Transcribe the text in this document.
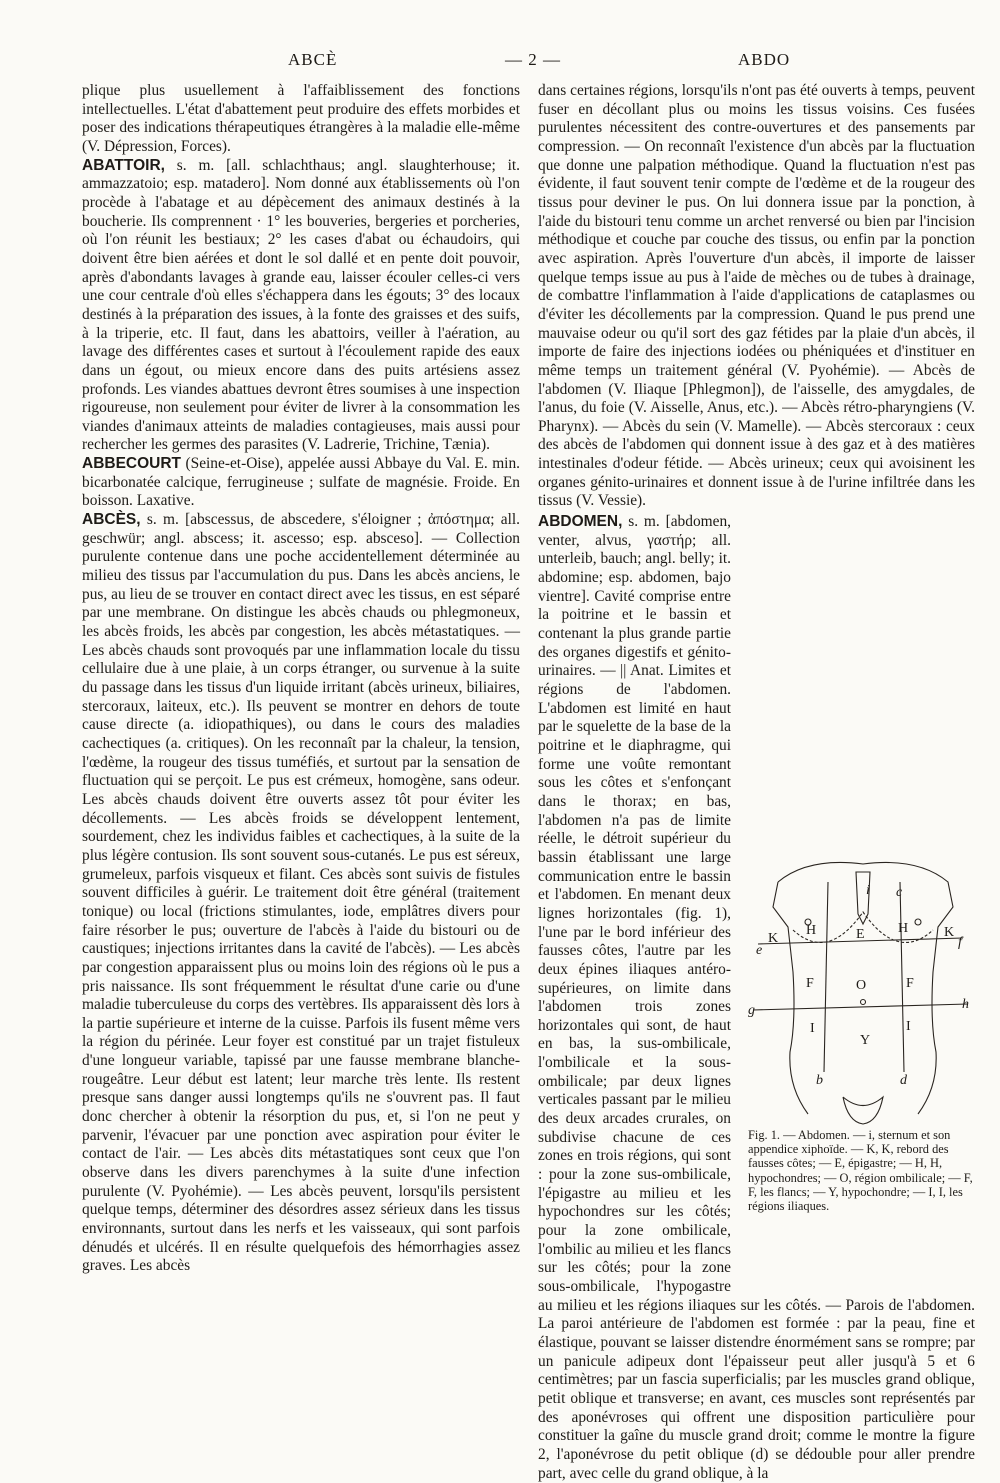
ABCÈ	— 2 —	ABDO

plique plus usuellement à l'affaiblissement des fonctions intellectuelles. L'état d'abattement peut produire des effets morbides et poser des indications thérapeutiques étrangères à la maladie elle-même (V. Dépression, Forces).

ABATTOIR, s. m. [all. schlachthaus; angl. slaughterhouse; it. ammazzatoio; esp. matadero]. Nom donné aux établissements où l'on procède à l'abatage et au dépècement des animaux destinés à la boucherie. Ils comprennent · 1° les bouveries, bergeries et porcheries, où l'on réunit les bestiaux; 2° les cases d'abat ou échaudoirs, qui doivent être bien aérées et dont le sol dallé et en pente doit pouvoir, après d'abondants lavages à grande eau, laisser écouler celles-ci vers une cour centrale d'où elles s'échappera dans les égouts; 3° des locaux destinés à la préparation des issues, à la fonte des graisses et des suifs, à la triperie, etc. Il faut, dans les abattoirs, veiller à l'aération, au lavage des différentes cases et surtout à l'écoulement rapide des eaux dans un égout, ou mieux encore dans des puits artésiens assez profonds. Les viandes abattues devront êtres soumises à une inspection rigoureuse, non seulement pour éviter de livrer à la consommation les viandes d'animaux atteints de maladies contagieuses, mais aussi pour rechercher les germes des parasites (V. Ladrerie, Trichine, Tænia).

ABBECOURT (Seine-et-Oise), appelée aussi Abbaye du Val. E. min. bicarbonatée calcique, ferrugineuse ; sulfate de magnésie. Froide. En boisson. Laxative.

ABCÈS, s. m. [abscessus, de abscedere, s'éloigner ; ἀπόστημα; all. geschwür; angl. abscess; it. ascesso; esp. absceso]. — Collection purulente contenue dans une poche accidentellement déterminée au milieu des tissus par l'accumulation du pus. Dans les abcès anciens, le pus, au lieu de se trouver en contact direct avec les tissus, en est séparé par une membrane. On distingue les abcès chauds ou phlegmoneux, les abcès froids, les abcès par congestion, les abcès métastatiques. — Les abcès chauds sont provoqués par une inflammation locale du tissu cellulaire due à une plaie, à un corps étranger, ou survenue à la suite du passage dans les tissus d'un liquide irritant (abcès urineux, biliaires, stercoraux, laiteux, etc.). Ils peuvent se montrer en dehors de toute cause directe (a. idiopathiques), ou dans le cours des maladies cachectiques (a. critiques). On les reconnaît par la chaleur, la tension, l'œdème, la rougeur des tissus tuméfiés, et surtout par la sensation de fluctuation qui se perçoit. Le pus est crémeux, homogène, sans odeur. Les abcès chauds doivent être ouverts assez tôt pour éviter les décollements. — Les abcès froids se développent lentement, sourdement, chez les individus faibles et cachectiques, à la suite de la plus légère contusion. Ils sont souvent sous-cutanés. Le pus est séreux, grumeleux, parfois visqueux et filant. Ces abcès sont suivis de fistules souvent difficiles à guérir. Le traitement doit être général (traitement tonique) ou local (frictions stimulantes, iode, emplâtres divers pour faire résorber le pus; ouverture de l'abcès à l'aide du bistouri ou de caustiques; injections irritantes dans la cavité de l'abcès). — Les abcès par congestion apparaissent plus ou moins loin des régions où le pus a pris naissance. Ils sont fréquemment le résultat d'une carie ou d'une maladie tuberculeuse du corps des vertèbres. Ils apparaissent dès lors à la partie supérieure et interne de la cuisse. Parfois ils fusent même vers la région du périnée. Leur foyer est constitué par un trajet fistuleux d'une longueur variable, tapissé par une fausse membrane blanche-rougeâtre. Leur début est latent; leur marche très lente. Ils restent presque sans danger aussi longtemps qu'ils ne s'ouvrent pas. Il faut donc chercher à obtenir la résorption du pus, et, si l'on ne peut y parvenir, l'évacuer par une ponction avec aspiration pour éviter le contact de l'air. — Les abcès dits métastatiques sont ceux que l'on observe dans les divers parenchymes à la suite d'une infection purulente (V. Pyohémie). — Les abcès peuvent, lorsqu'ils persistent quelque temps, déterminer des désordres assez sérieux dans les tissus environnants, surtout dans les nerfs et les vaisseaux, qui sont parfois dénudés et ulcérés. Il en résulte quelquefois des hémorrhagies assez graves. Les abcès

dans certaines régions, lorsqu'ils n'ont pas été ouverts à temps, peuvent fuser en décollant plus ou moins les tissus voisins. Ces fusées purulentes nécessitent des contre-ouvertures et des pansements par compression. — On reconnaît l'existence d'un abcès par la fluctuation que donne une palpation méthodique. Quand la fluctuation n'est pas évidente, il faut souvent tenir compte de l'œdème et de la rougeur des tissus pour deviner le pus. On lui donnera issue par la ponction, à l'aide du bistouri tenu comme un archet renversé ou bien par l'incision méthodique et couche par couche des tissus, ou enfin par la ponction avec aspiration. Après l'ouverture d'un abcès, il importe de laisser quelque temps issue au pus à l'aide de mèches ou de tubes à drainage, de combattre l'inflammation à l'aide d'applications de cataplasmes ou d'éviter les décollements par la compression. Quand le pus prend une mauvaise odeur ou qu'il sort des gaz fétides par la plaie d'un abcès, il importe de faire des injections iodées ou phéniquées et d'instituer en même temps un traitement général (V. Pyohémie). — Abcès de l'abdomen (V. Iliaque [Phlegmon]), de l'aisselle, des amygdales, de l'anus, du foie (V. Aisselle, Anus, etc.). — Abcès rétro-pharyngiens (V. Pharynx). — Abcès du sein (V. Mamelle). — Abcès stercoraux : ceux des abcès de l'abdomen qui donnent issue à des gaz et à des matières intestinales d'odeur fétide. — Abcès urineux; ceux qui avoisinent les organes génito-urinaires et donnent issue à de l'urine infiltrée dans les tissus (V. Vessie).

ABDOMEN, s. m. [abdomen, venter, alvus, γαστήρ; all. unterleib, bauch; angl. belly; it. abdomine; esp. abdomen, bajo vientre]. Cavité comprise entre la poitrine et le bassin et contenant la plus grande partie des organes digestifs et génito-urinaires. — || Anat. Limites et régions de l'abdomen. L'abdomen est limité en haut par le squelette de la base de la poitrine et le diaphragme, qui forme une voûte remontant sous les côtes et s'enfonçant dans le thorax; en bas, l'abdomen n'a pas de limite réelle, le détroit supérieur du bassin établissant une large communication entre le bassin et l'abdomen. En menant deux lignes horizontales (fig. 1), l'une par le bord inférieur des fausses côtes, l'autre par les deux épines iliaques antéro-supérieures, on limite dans l'abdomen trois zones horizontales qui sont, de haut en bas, la sus-ombilicale, l'ombilicale et la sous-ombilicale; par deux lignes verticales passant par le milieu des deux arcades crurales, on subdivise chacune de ces zones en trois régions, qui sont : pour la zone sus-ombilicale, l'épigastre au milieu et les hypochondres sur les côtés; pour la zone ombilicale, l'ombilic au milieu et les flancs sur les côtés; pour la zone sous-ombilicale, l'hypogastre au milieu et les régions iliaques sur les côtés. — Parois de l'abdomen. La paroi antérieure de l'abdomen est formée : par la peau, fine et élastique, pouvant se laisser distendre énormément sans se rompre; par un panicule adipeux dont l'épaisseur peut aller jusqu'à 5 et 6 centimètres; par un fascia superficialis; par les muscles grand oblique, petit oblique et transverse; en avant, ces muscles sont représentés par des aponévroses qui offrent une disposition particulière pour constituer la gaîne du muscle grand droit; comme le montre la figure 2, l'aponévrose du petit oblique (d) se dédouble pour aller prendre part, avec celle du grand oblique, à la

K	K
H	H
E
F	F
O
Y
I	I
i c
e
f
g	h
b	d
Fig. 1. — Abdomen. — i, sternum et son appendice xiphoïde. — K, K, rebord des fausses côtes; — E, épigastre; — H, H, hypochondres; — O, région ombilicale; — F, F, les flancs; — Y, hypochondre; — I, I, les régions iliaques.
